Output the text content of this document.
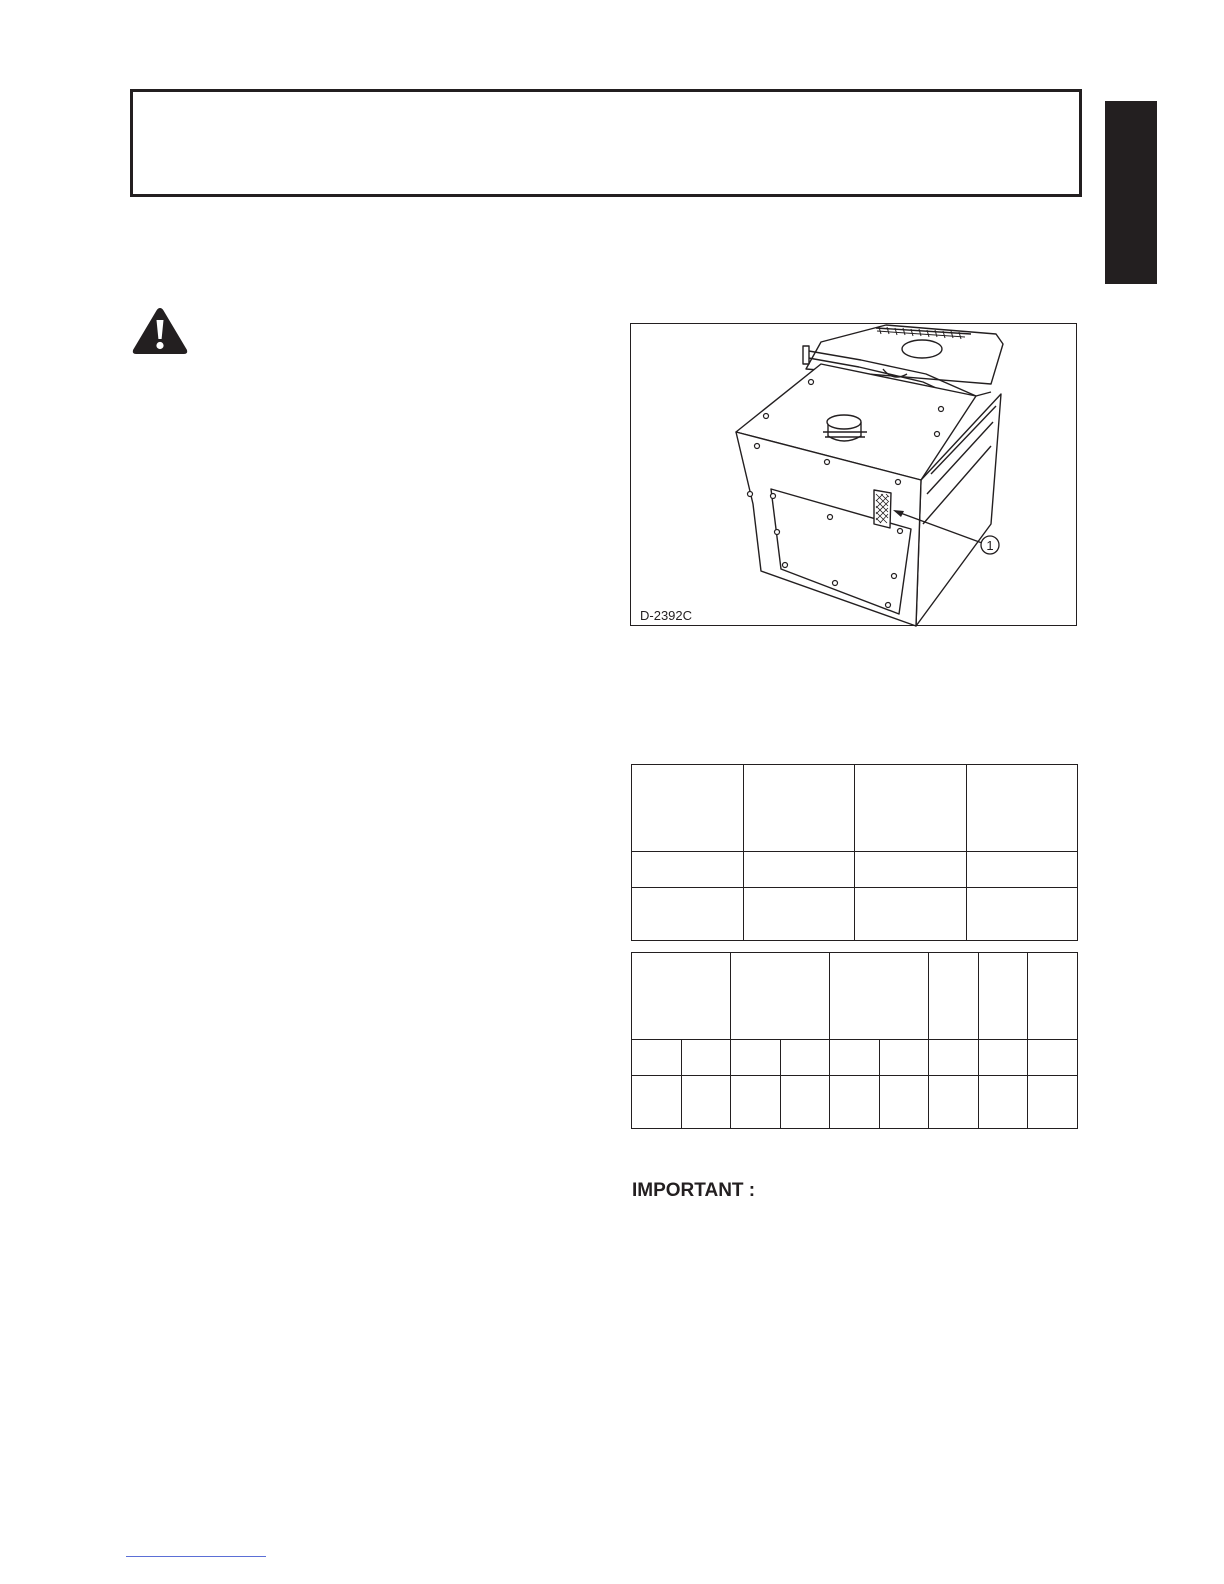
1
D-2392C

IMPORTANT :
